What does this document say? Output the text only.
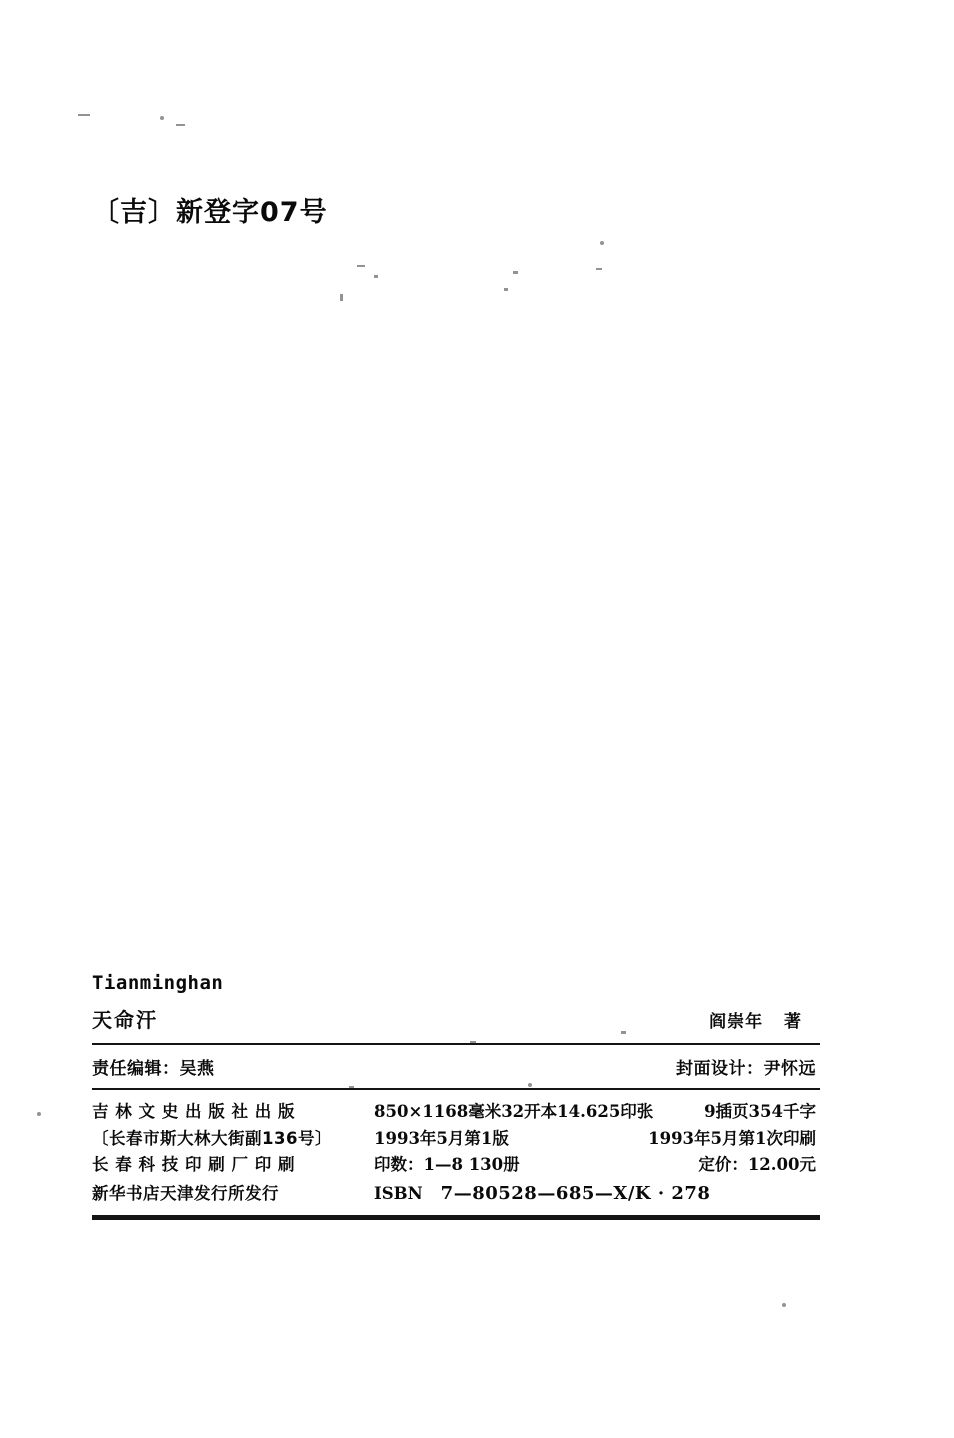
〔吉〕新登字07号
Tianminghan
天命汗	阎崇年 著
责任编辑：吴燕	封面设计：尹怀远
吉 林 文 史 出 版 社 出 版	850×1168毫米32开本14.625印张	9插页354千字
〔长春市斯大林大街副136号〕	1993年5月第1版	1993年5月第1次印刷
长 春 科 技 印 刷 厂 印 刷	印数：1—8 130册	定价：12.00元
新华书店天津发行所发行	ISBN 7—80528—685—X/K · 278
